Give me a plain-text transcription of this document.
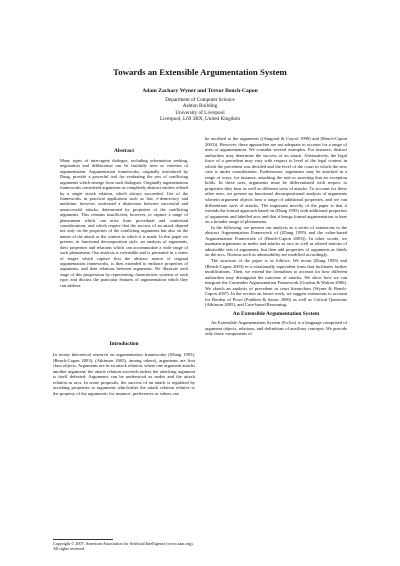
Towards an Extensible Argumentation System
Adam Zachary Wyner and Trevor Bench-Capon
Department of Computer Science
Ashton Building
University of Liverpool
Liverpool, L69 3BX, United Kingdom
Abstract

Many types of inter-agent dialogue, including information seeking, negotiation and deliberation can be fruitfully seen as varieties of argumentation. Argumentation frameworks, originally introduced by Dung, provide a powerful tool for evaluating the sets of conflicting arguments which emerge from such dialogues. Originally argumentation frameworks considered arguments as completely abstract entities related by a single attack relation, which always succeeded. Use of the frameworks in practical application such as law, e-democracy and medicine, however, motivated a distinction between successful and unsuccessful attacks, determined by properties of the conflicting arguments. This remains insufficient, however, to capture a range of phenomena which can arise from procedural and contextual considerations, and which require that the success of an attack depend not only on the properties of the conflicting arguments but also on the nature of the attack or the context in which it is made. In this paper we present, in functional decomposition style, an analysis of arguments, their properties and relations which can accommodate a wide range of such phenomena. Our analysis is extensible and is presented in a series of stages which capture first the abstract notion of original argumentation frameworks, is then extended to embrace properties of arguments, and then relations between arguments. We illustrate each stage of this progression by representing characteristic systems of each type, and discuss the particular features of argumentation which they can address.

Introduction

In recent theoretical research on argumentation frameworks ((Dung 1995), (Bench-Capon 2003), (Atkinson 2005), among others), arguments are first class objects. Arguments are in an attack relation, where one argument attacks another argument; the attack relation succeeds unless the attacking argument is itself defeated. Arguments can be understood as nodes and the attack relation as arcs. In some proposals, the success of an attack is regulated by ascribing properties to arguments which/after the attack relation relative to the property of the arguments; for instance, preferences or values can

Copyright © 2007, American Association for Artificial Intelligence (www.aaai.org). All rights reserved.

be ascribed to the arguments ((Amgoud & Cayrol 1998) and (Bench-Capon 2003)). However, these approaches are not adequate to account for a range of uses of argumentation. We consider several examples. For instance, distinct authorities may determine the success of an attack. Alternatively, the legal force of a precedent may vary with respect to level of the legal context in which the precedent was decided and the level of the court in which the new case is under consideration. Furthermore, arguments may be attacked in a range of ways, for instance, attacking the rule or asserting that an exception holds. In these uses, arguments must be differentiated with respect to properties they bear as well as different sorts of attacks. To account for these other uses, we present an functional decompositional analysis of arguments wherein argument objects bear a range of additional properties, and we can differentiate sorts of attacks. The important novelty of the paper is that it extends the formal approach based on (Dung 1995) with additional properties of arguments and labelled arcs and that it brings formal argumentation to bear on a broader range of phenomena.

In the following, we present our analysis as a series of extensions to the abstract Argumentation Framework of ((Dung 1995) and the value-based Argumentation Framework of (Bench-Capon 2003)). In other words, we maintain arguments as nodes and attacks as arcs as well as related notions of admissible sets of arguments, but then add properties of arguments as labels on the arcs. Notions such as admissibility are modified accordingly.

The structure of the paper is as follows. We recast (Dung 1995) and (Bench-Capon 2003) in a notationally equivalent form that facilitates further modifications. Then, we extend the formalism to account for how different authorities may distinguish the outcome of attacks. We show how we can integrate the Carneades Argumentation Framework (Gordon & Walton 2006). We sketch an analysis of precedent in court hierarchies (Wyner & Bench-Capon 2007). In the section on future work, we suggest extensions to account for Burden of Proof (Prakken & Sartor 2006) as well as Critical Questions (Atkinson 2005), and Case-based Reasoning.

An Extensible Argumentation System

An Extensible Argumentation System (ExArs) is a language comprised of argument objects, relations, and definitions of auxiliary concepts. We provide only those components of
